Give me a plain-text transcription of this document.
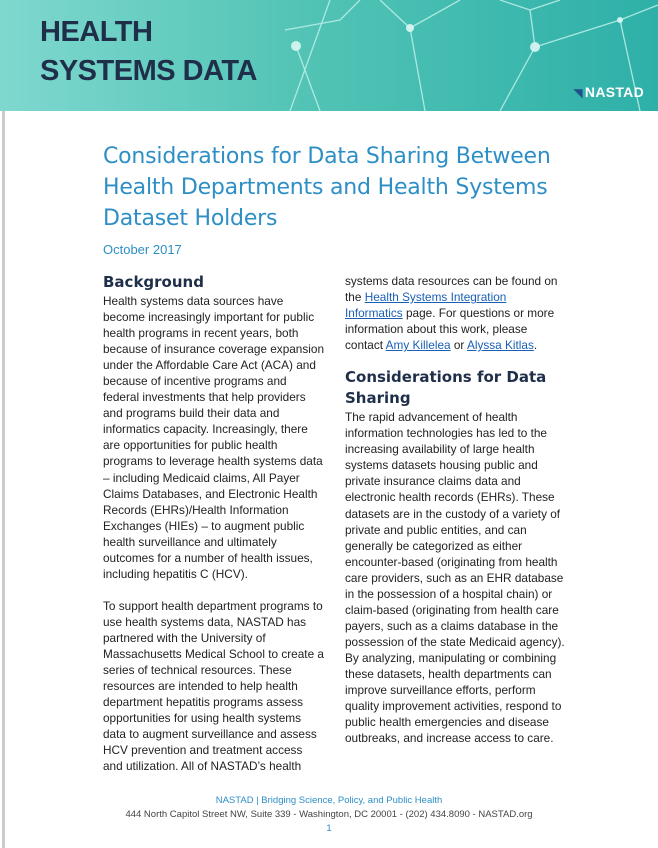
HEALTH
SYSTEMS DATA
◥ NASTAD
Considerations for Data Sharing Between Health Departments and Health Systems Dataset Holders

October 2017

Background

Health systems data sources have become increasingly important for public health programs in recent years, both because of insurance coverage expansion under the Affordable Care Act (ACA) and because of incentive programs and federal investments that help providers and programs build their data and informatics capacity. Increasingly, there are opportunities for public health programs to leverage health systems data – including Medicaid claims, All Payer Claims Databases, and Electronic Health Records (EHRs)/Health Information Exchanges (HIEs) – to augment public health surveillance and ultimately outcomes for a number of health issues, including hepatitis C (HCV).

To support health department programs to use health systems data, NASTAD has partnered with the University of Massachusetts Medical School to create a series of technical resources. These resources are intended to help health department hepatitis programs assess opportunities for using health systems data to augment surveillance and assess HCV prevention and treatment access and utilization. All of NASTAD’s health

systems data resources can be found on the Health Systems Integration Informatics page. For questions or more information about this work, please contact Amy Killelea or Alyssa Kitlas.

Considerations for Data Sharing

The rapid advancement of health information technologies has led to the increasing availability of large health systems datasets housing public and private insurance claims data and electronic health records (EHRs). These datasets are in the custody of a variety of private and public entities, and can generally be categorized as either encounter-based (originating from health care providers, such as an EHR database in the possession of a hospital chain) or claim-based (originating from health care payers, such as a claims database in the possession of the state Medicaid agency). By analyzing, manipulating or combining these datasets, health departments can improve surveillance efforts, perform quality improvement activities, respond to public health emergencies and disease outbreaks, and increase access to care.

NASTAD | Bridging Science, Policy, and Public Health

444 North Capitol Street NW, Suite 339 - Washington, DC 20001 - (202) 434.8090 - NASTAD.org

1
